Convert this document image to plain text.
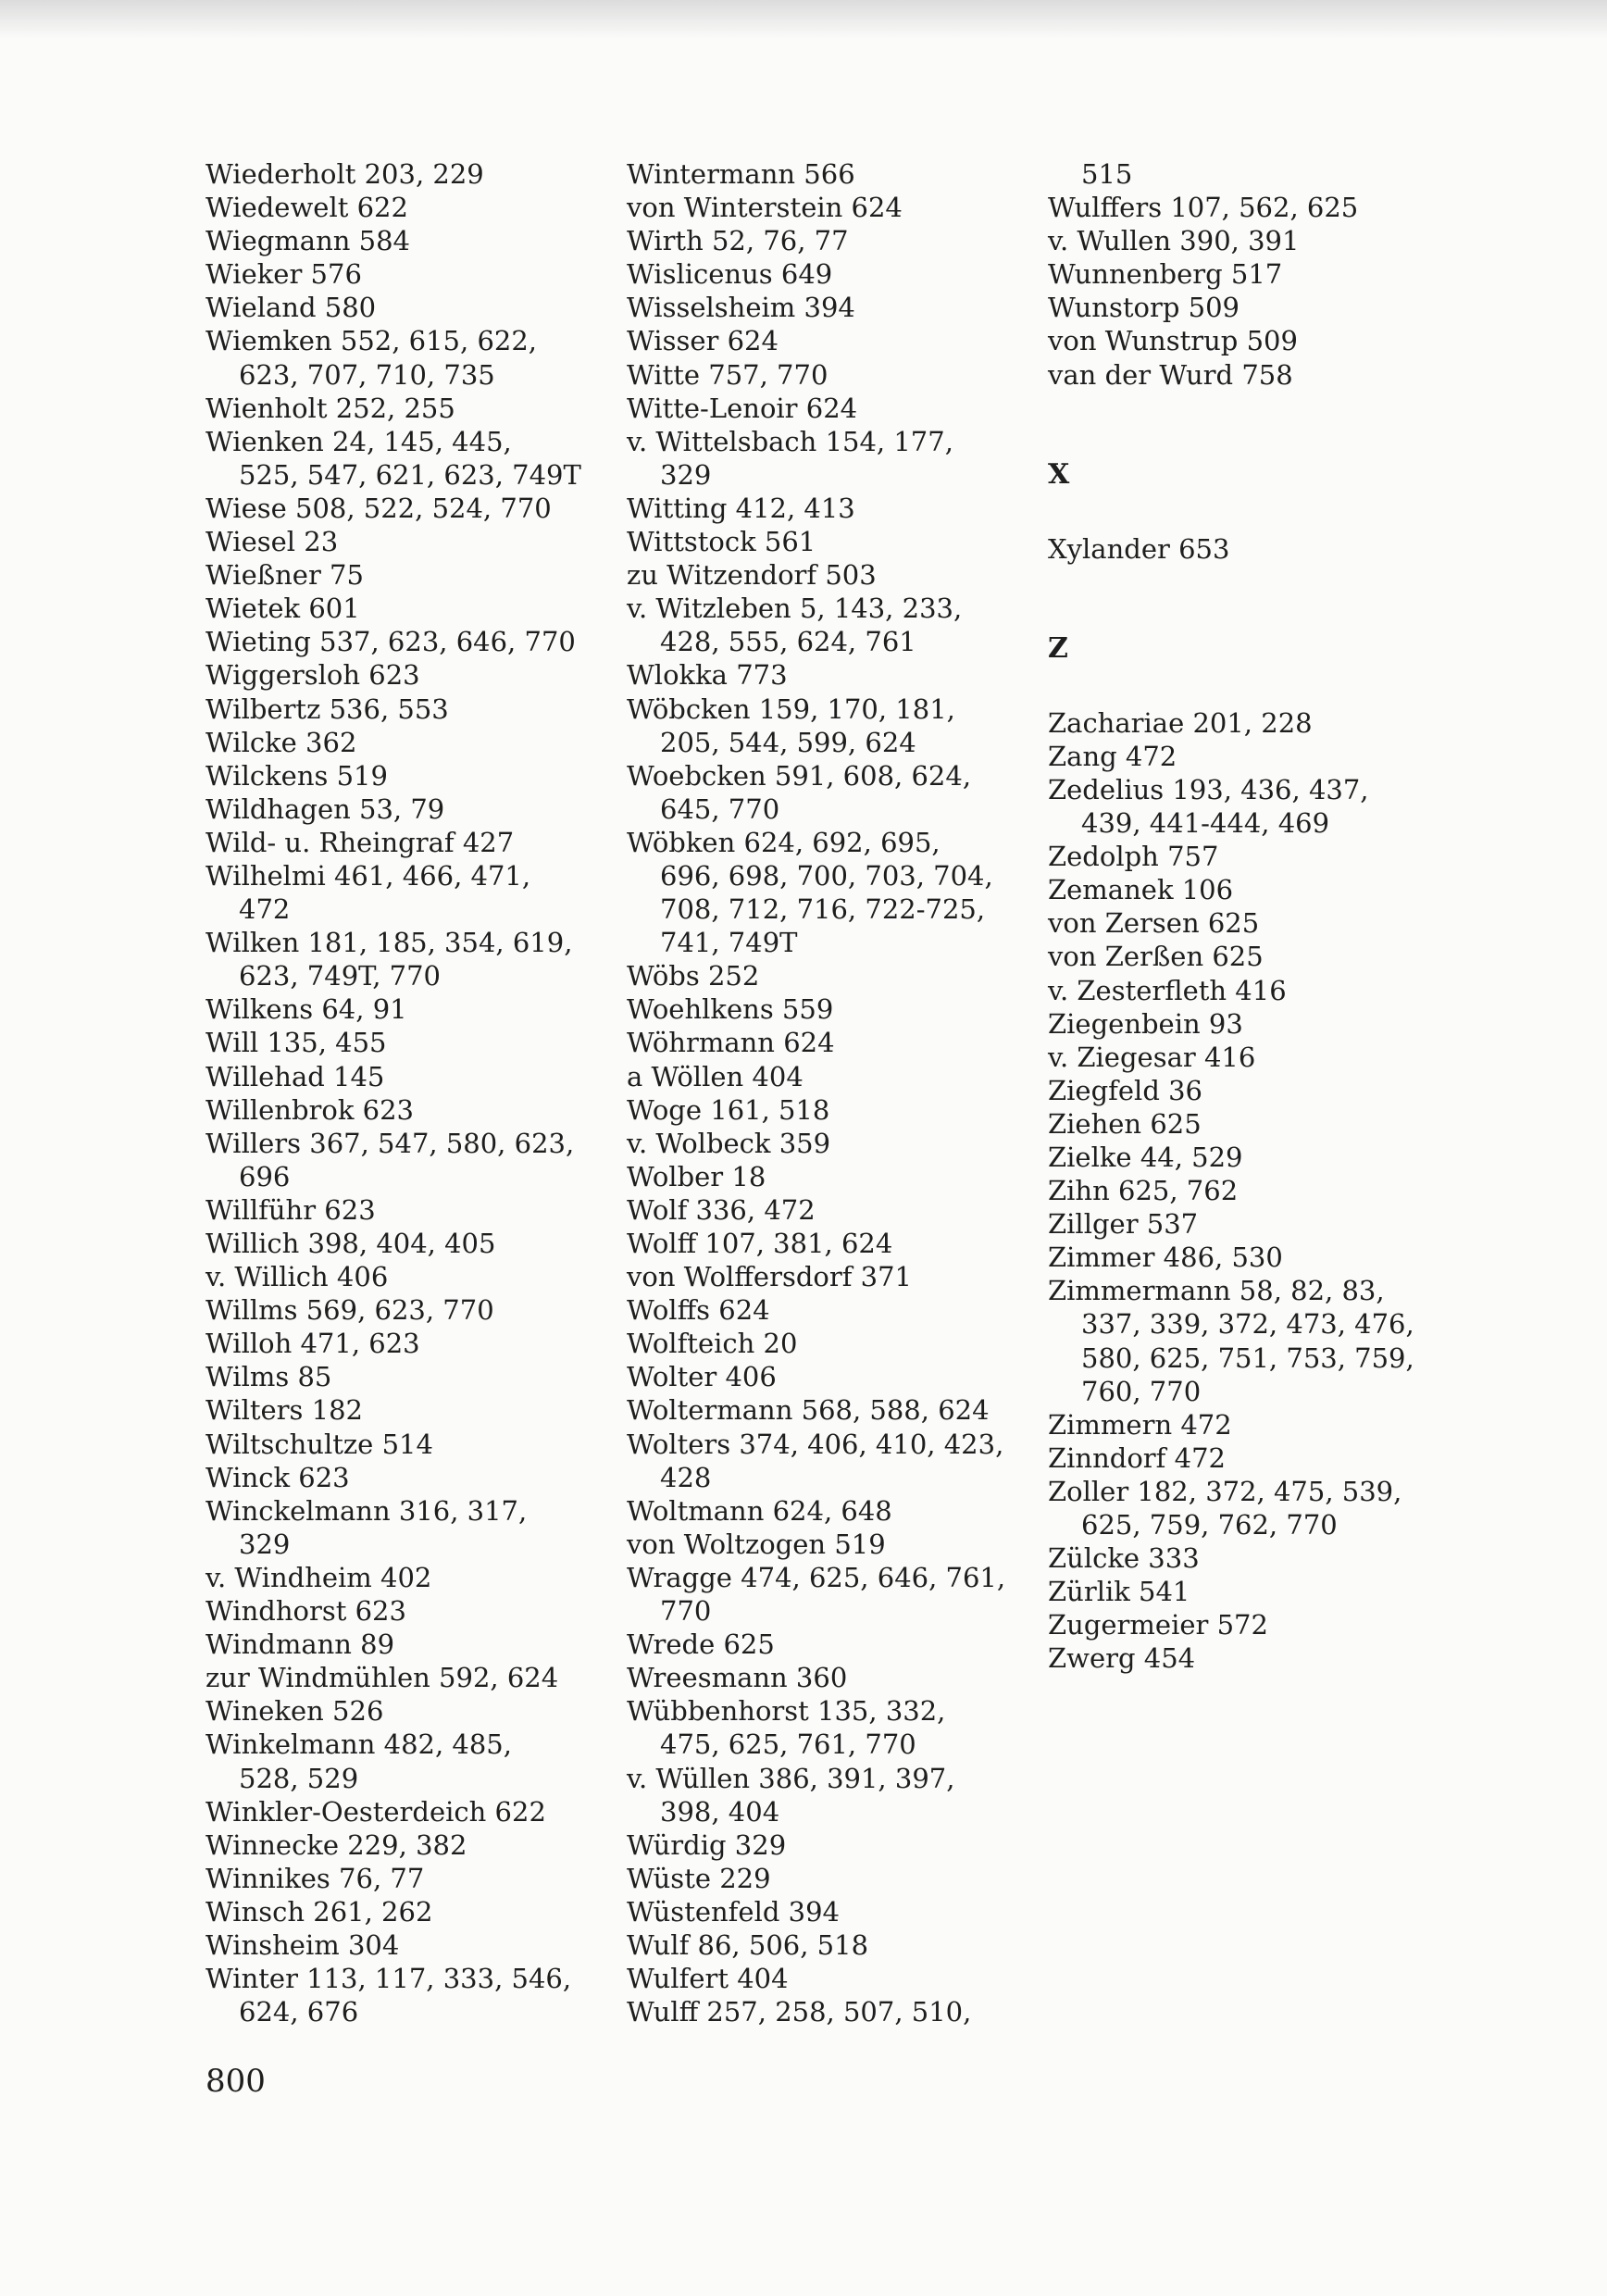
Wiederholt 203, 229
Wiedewelt 622
Wiegmann 584
Wieker 576
Wieland 580
Wiemken 552, 615, 622,
623, 707, 710, 735
Wienholt 252, 255
Wienken 24, 145, 445,
525, 547, 621, 623, 749T
Wiese 508, 522, 524, 770
Wiesel 23
Wießner 75
Wietek 601
Wieting 537, 623, 646, 770
Wiggersloh 623
Wilbertz 536, 553
Wilcke 362
Wilckens 519
Wildhagen 53, 79
Wild- u. Rheingraf 427
Wilhelmi 461, 466, 471,
472
Wilken 181, 185, 354, 619,
623, 749T, 770
Wilkens 64, 91
Will 135, 455
Willehad 145
Willenbrok 623
Willers 367, 547, 580, 623,
696
Willführ 623
Willich 398, 404, 405
v. Willich 406
Willms 569, 623, 770
Willoh 471, 623
Wilms 85
Wilters 182
Wiltschultze 514
Winck 623
Winckelmann 316, 317,
329
v. Windheim 402
Windhorst 623
Windmann 89
zur Windmühlen 592, 624
Wineken 526
Winkelmann 482, 485,
528, 529
Winkler-Oesterdeich 622
Winnecke 229, 382
Winnikes 76, 77
Winsch 261, 262
Winsheim 304
Winter 113, 117, 333, 546,
624, 676
Wintermann 566
von Winterstein 624
Wirth 52, 76, 77
Wislicenus 649
Wisselsheim 394
Wisser 624
Witte 757, 770
Witte-Lenoir 624
v. Wittelsbach 154, 177,
329
Witting 412, 413
Wittstock 561
zu Witzendorf 503
v. Witzleben 5, 143, 233,
428, 555, 624, 761
Wlokka 773
Wöbcken 159, 170, 181,
205, 544, 599, 624
Woebcken 591, 608, 624,
645, 770
Wöbken 624, 692, 695,
696, 698, 700, 703, 704,
708, 712, 716, 722-725,
741, 749T
Wöbs 252
Woehlkens 559
Wöhrmann 624
a Wöllen 404
Woge 161, 518
v. Wolbeck 359
Wolber 18
Wolf 336, 472
Wolff 107, 381, 624
von Wolffersdorf 371
Wolffs 624
Wolfteich 20
Wolter 406
Woltermann 568, 588, 624
Wolters 374, 406, 410, 423,
428
Woltmann 624, 648
von Woltzogen 519
Wragge 474, 625, 646, 761,
770
Wrede 625
Wreesmann 360
Wübbenhorst 135, 332,
475, 625, 761, 770
v. Wüllen 386, 391, 397,
398, 404
Würdig 329
Wüste 229
Wüstenfeld 394
Wulf 86, 506, 518
Wulfert 404
Wulff 257, 258, 507, 510,
515
Wulffers 107, 562, 625
v. Wullen 390, 391
Wunnenberg 517
Wunstorp 509
von Wunstrup 509
van der Wurd 758
X
Xylander 653
Z
Zachariae 201, 228
Zang 472
Zedelius 193, 436, 437,
439, 441-444, 469
Zedolph 757
Zemanek 106
von Zersen 625
von Zerßen 625
v. Zesterfleth 416
Ziegenbein 93
v. Ziegesar 416
Ziegfeld 36
Ziehen 625
Zielke 44, 529
Zihn 625, 762
Zillger 537
Zimmer 486, 530
Zimmermann 58, 82, 83,
337, 339, 372, 473, 476,
580, 625, 751, 753, 759,
760, 770
Zimmern 472
Zinndorf 472
Zoller 182, 372, 475, 539,
625, 759, 762, 770
Zülcke 333
Zürlik 541
Zugermeier 572
Zwerg 454
800
